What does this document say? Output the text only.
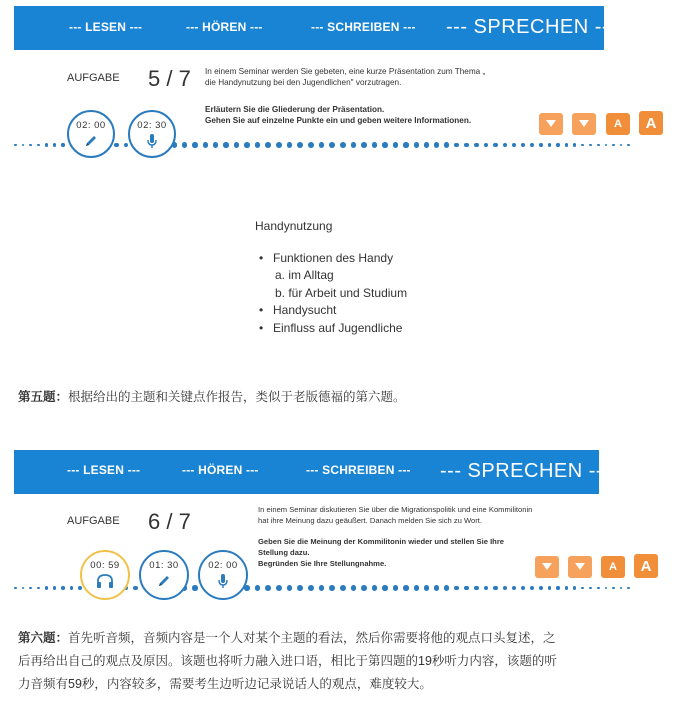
--- LESEN ---	--- HÖREN ---	--- SCHREIBEN --- --- SPRECHEN ---
AUFGABE 5 / 7 In einem Seminar werden Sie gebeten, eine kurze Präsentation zum Thema „
die Handynutzung bei den Jugendlichen" vorzutragen.
Erläutern Sie die Gliederung der Präsentation.
Gehen Sie auf einzelne Punkte ein und geben weitere Informationen.
02: 00	02: 30	A A
Handynutzung
• Funktionen des Handy
a. im Alltag
b. für Arbeit und Studium
• Handysucht
• Einfluss auf Jugendliche
第五题：根据给出的主题和关键点作报告，类似于老版德福的第六题。
--- LESEN ---	--- HÖREN ---	--- SCHREIBEN --- --- SPRECHEN ---
AUFGABE 6 / 7	In einem Seminar diskutieren Sie über die Migrationspolitik und eine Kommilitonin
hat ihre Meinung dazu geäußert. Danach melden Sie sich zu Wort.
Geben Sie die Meinung der Kommilitonin wieder und stellen Sie Ihre
Stellung dazu.
Begründen Sie Ihre Stellungnahme.
00: 59	01: 30	02: 00	A A
第六题：首先听音频，音频内容是一个人对某个主题的看法，然后你需要将他的观点口头复述，之
后再给出自己的观点及原因。该题也将听力融入进口语，相比于第四题的19秒听力内容，该题的听
力音频有59秒，内容较多，需要考生边听边记录说话人的观点，难度较大。
